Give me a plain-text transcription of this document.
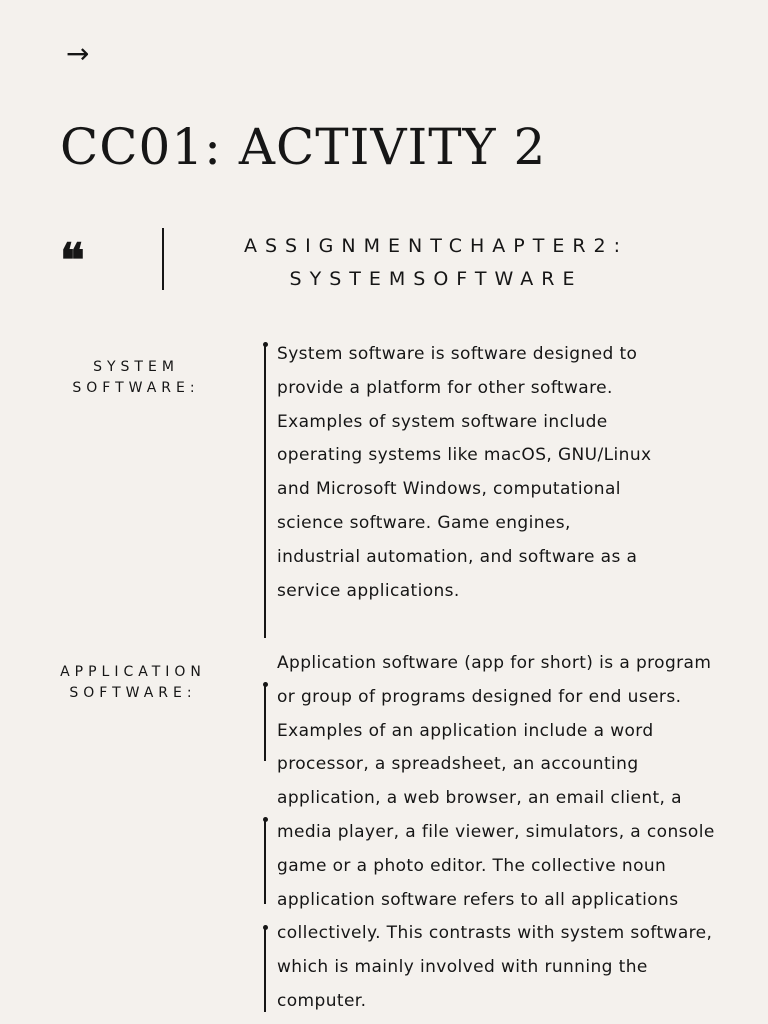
→
CC01: ACTIVITY 2
❝	ASSIGNMENTCHAPTER2:
SYSTEMSOFTWARE
SYSTEM
SOFTWARE:
System software is software designed to
provide a platform for other software.
Examples of system software include
operating systems like macOS, GNU/Linux
and Microsoft Windows, computational
science software. Game engines,
industrial automation, and software as a
service applications.
APPLICATION
SOFTWARE:
Application software (app for short) is a program
or group of programs designed for end users.
Examples of an application include a word
processor, a spreadsheet, an accounting
application, a web browser, an email client, a
media player, a file viewer, simulators, a console
game or a photo editor. The collective noun
application software refers to all applications
collectively. This contrasts with system software,
which is mainly involved with running the
computer.
